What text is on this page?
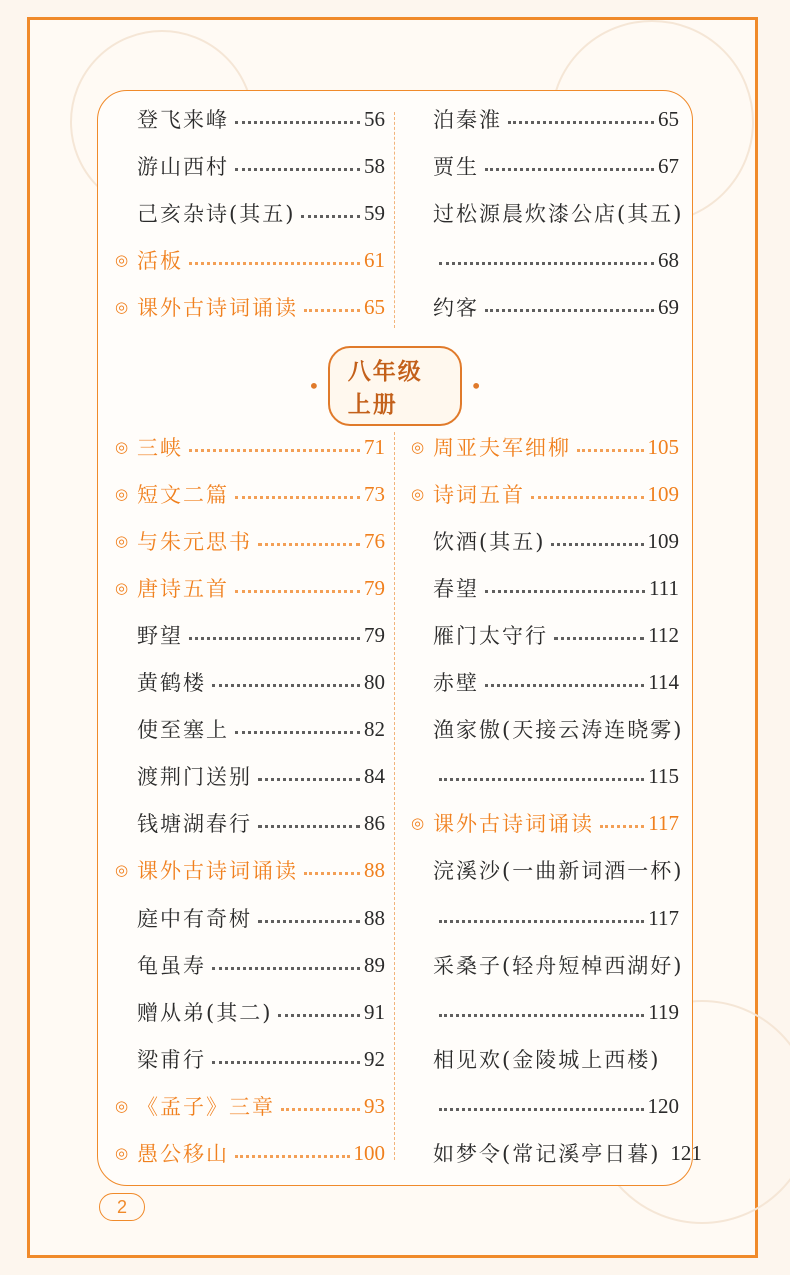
•
八年级上册
•
登飞来峰	56
游山西村	58
己亥杂诗(其五)	59
◎ 活板	61
◎ 课外古诗词诵读	65
泊秦淮	65
贾生	67
过松源晨炊漆公店(其五)
68
约客	69
◎ 三峡	71
◎ 短文二篇	73
◎ 与朱元思书	76
◎ 唐诗五首	79
野望	79
黄鹤楼	80
使至塞上	82
渡荆门送别	84
钱塘湖春行	86
◎ 课外古诗词诵读	88
庭中有奇树	88
龟虽寿	89
赠从弟(其二)	91
梁甫行	92
◎ 《孟子》三章	93
◎ 愚公移山	100
◎ 周亚夫军细柳	105
◎ 诗词五首	109
饮酒(其五)	109
春望	111
雁门太守行	112
赤壁	114
渔家傲(天接云涛连晓雾)
115
◎ 课外古诗词诵读	117
浣溪沙(一曲新词酒一杯)
117
采桑子(轻舟短棹西湖好)
119
相见欢(金陵城上西楼)
120
如梦令(常记溪亭日暮) 121
2
